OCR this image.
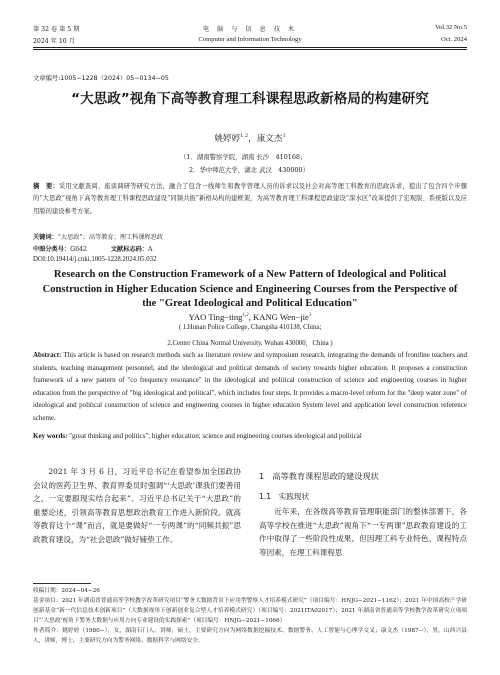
第 32 卷 第 5 期	电 脑 与 信 息 技 术	Vol.32 No.5
2024 年 10 月	Computer and Information Technology	Oct. 2024
文章编号:1005−1228（2024）05−0134−05
“大思政”视角下高等教育理工科课程思政新格局的构建研究
姚婷婷$^{1,2}$，康文杰$^1$
（1．湖南警察学院，湖南 长沙　410168；
2．华中师范大学，湖北 武汉　430000）
摘　要：采用文献查阅、座谈调研等研究方法，融合了包含一线师生和教学管理人员的诉求以及社会对高等理工科教育的思政诉求，提出了包含四个步骤的“大思政”视角下高等教育理工科课程思政建设“同频共振”新格局构的建框架，为高等教育理工科课程思政建设“深水区”改革提供了宏观版、系统版以及应用版的建设参考方案。
关键词：“大思政”；高等教育；理工科课程思政
中图分类号：G642	文献标志码：A
DOI:10.19414/j.cnki.1005-1228.2024.05.032
Research on the Construction Framework of a New Pattern of Ideological and Political Construction in Higher Education Science and Engineering Courses from the Perspective of the "Great Ideological and Political Education"
YAO Ting−ting$^{1,2}$, KANG Wen−jie$^1$
( 1.Hunan Police College, Changsha 410138, China;
2.Center China Normal University, Wuhan 430000，China )
Abstract: This article is based on research methods such as literature review and symposium research, integrating the demands of frontline teachers and students, teaching management personnel, and the ideological and political demands of society towards higher education. It proposes a construction framework of a new pattern of "co frequency resonance" in the ideological and political construction of science and engineering courses in higher education from the perspective of "big ideological and political", which includes four steps. It provides a macro-level reform for the "deep water zone" of ideological and political construction of science and engineering courses in higher education System level and application level construction reference scheme.
Key words: "great thinking and politics"; higher education; science and engineering courses ideological and political

2021 年 3 月 6 日，习近平总书记在看望参加全国政协会议的医药卫生界、教育界委员时强调“‘大思政’课我们要善用之，一定要跟现实结合起来”。习近平总书记关于“大思政”的重要论述，引领高等教育思想政治教育工作进入新阶段。就高等教育这个“课”而言，就是要做好“一专两课”的“同频共振”思政教育建设，为“社会思政”做好铺垫工作。

1　高等教育课程思政的建设现状
1.1　实践现状

近年来，在各级高等教育管理职能部门的整体部署下，各高等学校在推进“大思政”视角下“一专两课”思政教育建设的工作中取得了一些阶段性成果。但因理工科专业特色、课程特点等因素，在理工科课程思

收稿日期：2024−04−26
基金项目：2021 年湖南省普通高等学校教学改革研究项目“警务大数据背景下应用型警察人才培养模式研究”（项目编号：HNJG−2021−1162）；2021 年中国高校产学研创新基金“新一代信息技术创新项目”（大数据视角下创新创业复合型人才培养模式研究）（项目编号：2021ITA02017）；2021 年湖南省普通高等学校教学改革研究立项项目“‘大思政’视角下警务大数据与应用方向专业建设的实践探索”（项目编号：HNJG−2021−1066）
作者简介：姚婷婷（1980−），女，湖南石门人，讲师，硕士，主要研究方向为网络数据挖掘技术、数据警务、人工智能与心理学交叉；康文杰（1987−），男，山西兴县人，讲师，博士，主要研究方向为警务网络、数据科学与网络安全。
